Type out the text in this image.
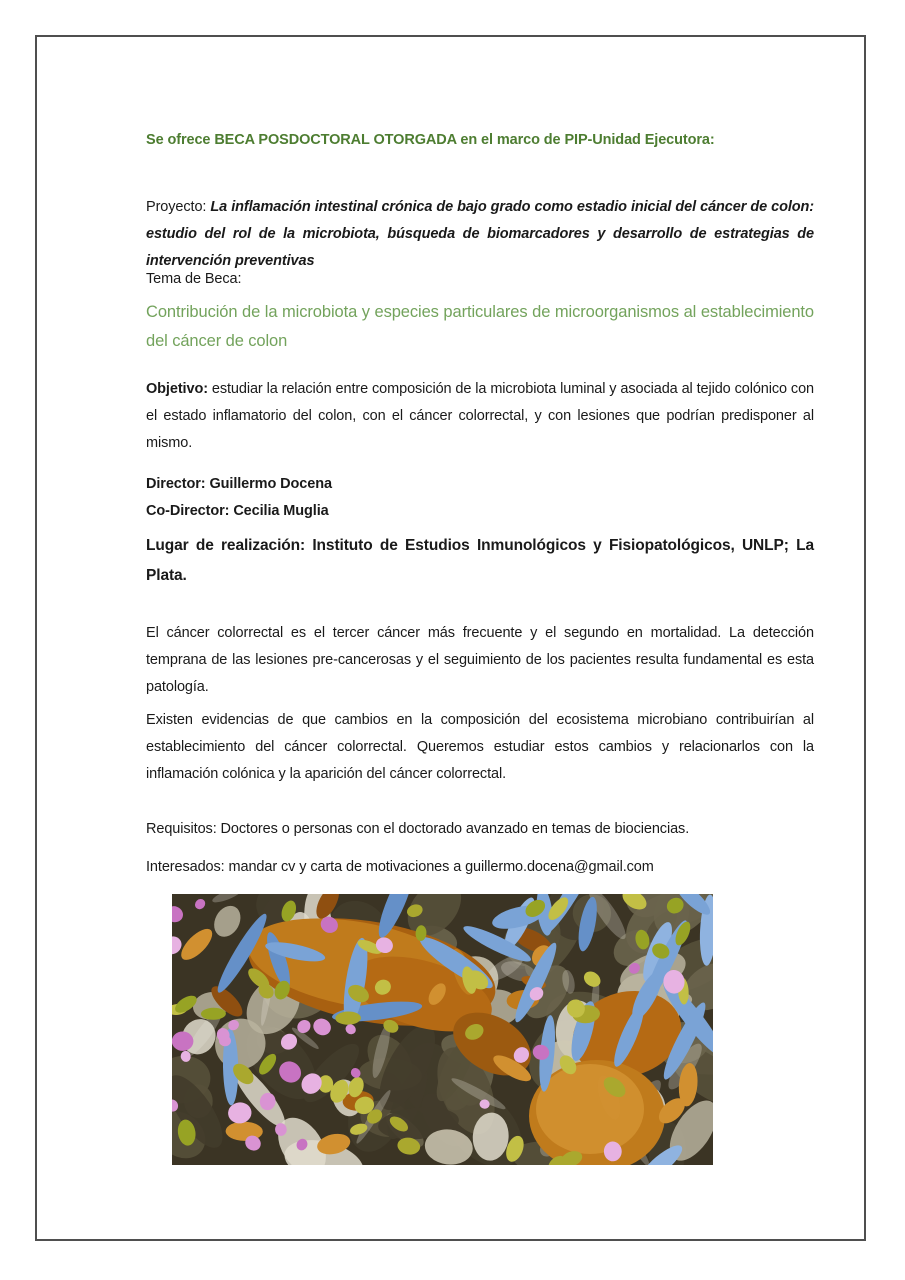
Se ofrece BECA POSDOCTORAL OTORGADA en el marco de PIP-Unidad Ejecutora:

Proyecto: La inflamación intestinal crónica de bajo grado como estadio inicial del cáncer de colon: estudio del rol de la microbiota, búsqueda de biomarcadores y desarrollo de estrategias de intervención preventivas

Tema de Beca:

Contribución de la microbiota y especies particulares de microorganismos al establecimiento del cáncer de colon

Objetivo: estudiar la relación entre composición de la microbiota luminal y asociada al tejido colónico con el estado inflamatorio del colon, con el cáncer colorrectal, y con lesiones que podrían predisponer al mismo.

Director: Guillermo Docena

Co-Director: Cecilia Muglia

Lugar de realización: Instituto de Estudios Inmunológicos y Fisiopatológicos, UNLP; La Plata.

El cáncer colorrectal es el tercer cáncer más frecuente y el segundo en mortalidad. La detección temprana de las lesiones pre-cancerosas y el seguimiento de los pacientes resulta fundamental es esta patología.

Existen evidencias de que cambios en la composición del ecosistema microbiano contribuirían al establecimiento del cáncer colorrectal. Queremos estudiar estos cambios y relacionarlos con la inflamación colónica y la aparición del cáncer colorrectal.

Requisitos: Doctores o personas con el doctorado avanzado en temas de biociencias.

Interesados: mandar cv y carta de motivaciones a guillermo.docena@gmail.com
